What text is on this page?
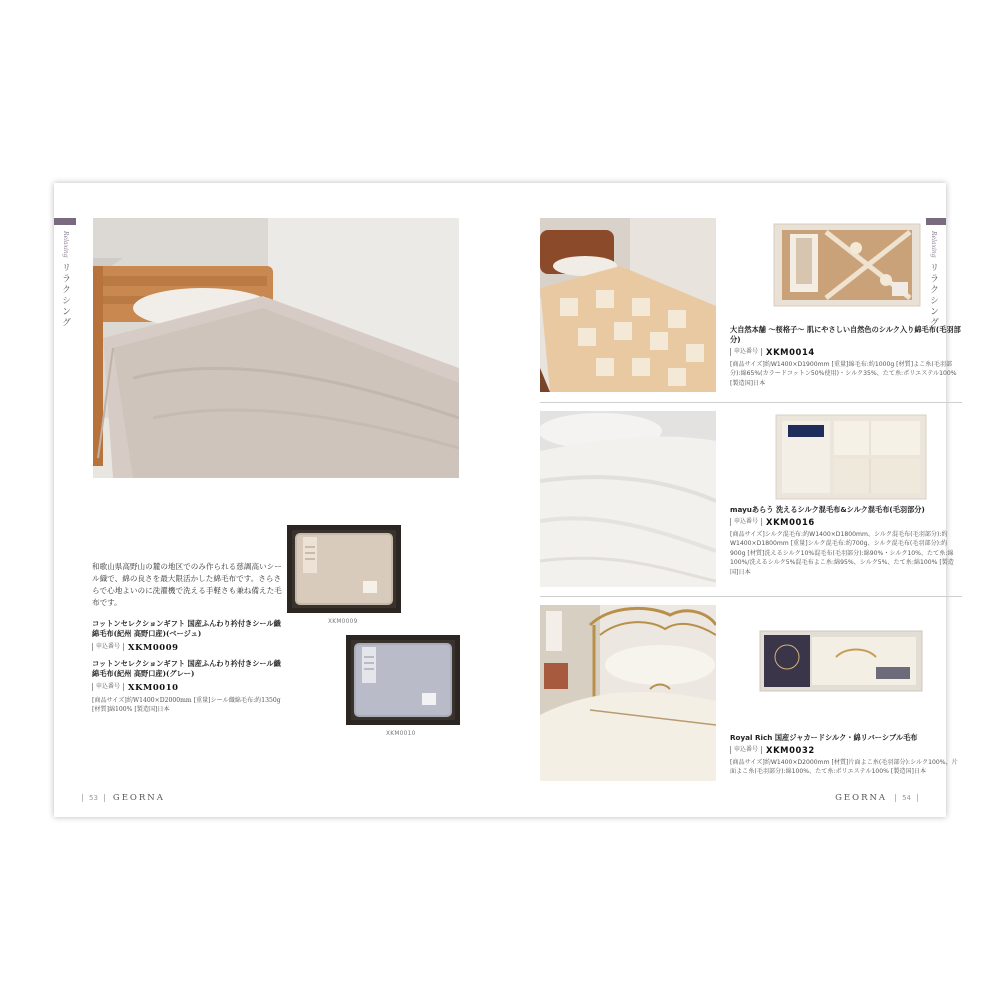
Relaxing リラクシング
和歌山県高野山の麓の地区でのみ作られる慈調高いシール織で、綿の良さを最大限活かした綿毛布です。さらさらで心地よいのに洗濯機で洗える手軽さも兼ね備えた毛布です。
コットンセレクションギフト 国産ふんわり衿付きシール織綿毛布(紀州 高野口産)(ベージュ)
申込番号 XKM0009
コットンセレクションギフト 国産ふんわり衿付きシール織綿毛布(紀州 高野口産)(グレー)
申込番号 XKM0010
[商品サイズ]約W1400×D2000mm [重量]シール織綿毛布:約1350g [材質]綿100% [製造国]日本
XKM0009
XKM0010
53	GEORNA
Relaxing リラクシング
GEORNA	54
大自然本舗 ～桜格子～ 肌にやさしい自然色のシルク入り綿毛布(毛羽部分)
申込番号 XKM0014
[商品サイズ]約W1400×D1900mm [重量]綿毛布:約1000g [材質]よこ糸(毛羽部分):綿65%(カラードコットン50%使用)・シルク35%、たて糸:ポリエステル100% [製造国]日本
mayuあらう 洗えるシルク混毛布&シルク混毛布(毛羽部分)
申込番号 XKM0016
[商品サイズ]シルク混毛布:約W1400×D1800mm、シルク混毛布(毛羽部分):約W1400×D1800mm [重量]シルク混毛布:約700g、シルク混毛布(毛羽部分):約900g [材質]洗えるシルク10%混毛布(毛羽部分):綿90%・シルク10%、たて糸:綿100%/洗えるシルク5%混毛布よこ糸:綿95%、シルク5%、たて糸:綿100% [製造国]日本
Royal Rich 国産ジャカードシルク・綿リバーシブル毛布
申込番号 XKM0032
[商品サイズ]約W1400×D2000mm [材質]片面よこ糸(毛羽部分):シルク100%、片面よこ糸(毛羽部分):綿100%、たて糸:ポリエステル100% [製造国]日本
